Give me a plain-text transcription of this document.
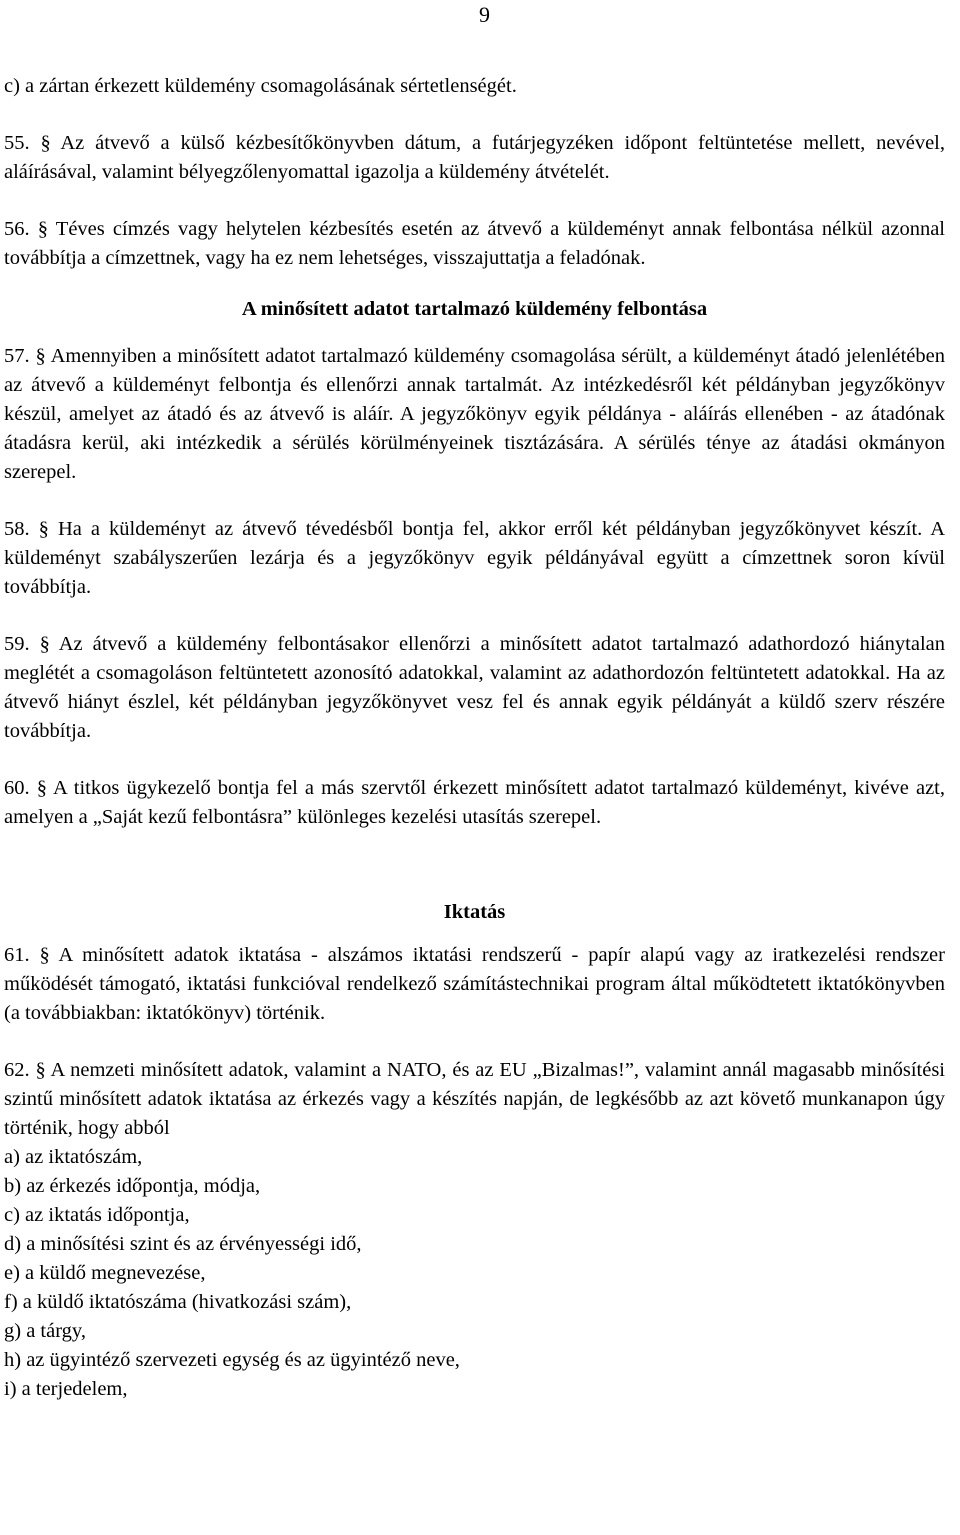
9

c) a zártan érkezett küldemény csomagolásának sértetlenségét.

55. § Az átvevő a külső kézbesítőkönyvben dátum, a futárjegyzéken időpont feltüntetése mellett, nevével, aláírásával, valamint bélyegzőlenyomattal igazolja a küldemény átvételét.

56. § Téves címzés vagy helytelen kézbesítés esetén az átvevő a küldeményt annak felbontása nélkül azonnal továbbítja a címzettnek, vagy ha ez nem lehetséges, visszajuttatja a feladónak.

A minősített adatot tartalmazó küldemény felbontása

57. § Amennyiben a minősített adatot tartalmazó küldemény csomagolása sérült, a küldeményt átadó jelenlétében az átvevő a küldeményt felbontja és ellenőrzi annak tartalmát. Az intézkedésről két példányban jegyzőkönyv készül, amelyet az átadó és az átvevő is aláír. A jegyzőkönyv egyik példánya - aláírás ellenében - az átadónak átadásra kerül, aki intézkedik a sérülés körülményeinek tisztázására. A sérülés ténye az átadási okmányon szerepel.

58. § Ha a küldeményt az átvevő tévedésből bontja fel, akkor erről két példányban jegyzőkönyvet készít. A küldeményt szabályszerűen lezárja és a jegyzőkönyv egyik példányával együtt a címzettnek soron kívül továbbítja.

59. § Az átvevő a küldemény felbontásakor ellenőrzi a minősített adatot tartalmazó adathordozó hiánytalan meglétét a csomagoláson feltüntetett azonosító adatokkal, valamint az adathordozón feltüntetett adatokkal. Ha az átvevő hiányt észlel, két példányban jegyzőkönyvet vesz fel és annak egyik példányát a küldő szerv részére továbbítja.

60. § A titkos ügykezelő bontja fel a más szervtől érkezett minősített adatot tartalmazó küldeményt, kivéve azt, amelyen a „Saját kezű felbontásra” különleges kezelési utasítás szerepel.

Iktatás

61. § A minősített adatok iktatása - alszámos iktatási rendszerű - papír alapú vagy az iratkezelési rendszer működését támogató, iktatási funkcióval rendelkező számítástechnikai program által működtetett iktatókönyvben (a továbbiakban: iktatókönyv) történik.

62. § A nemzeti minősített adatok, valamint a NATO, és az EU „Bizalmas!”, valamint annál magasabb minősítési szintű minősített adatok iktatása az érkezés vagy a készítés napján, de legkésőbb az azt követő munkanapon úgy történik, hogy abból

a) az iktatószám,
b) az érkezés időpontja, módja,
c) az iktatás időpontja,
d) a minősítési szint és az érvényességi idő,
e) a küldő megnevezése,
f) a küldő iktatószáma (hivatkozási szám),
g) a tárgy,
h) az ügyintéző szervezeti egység és az ügyintéző neve,
i) a terjedelem,
